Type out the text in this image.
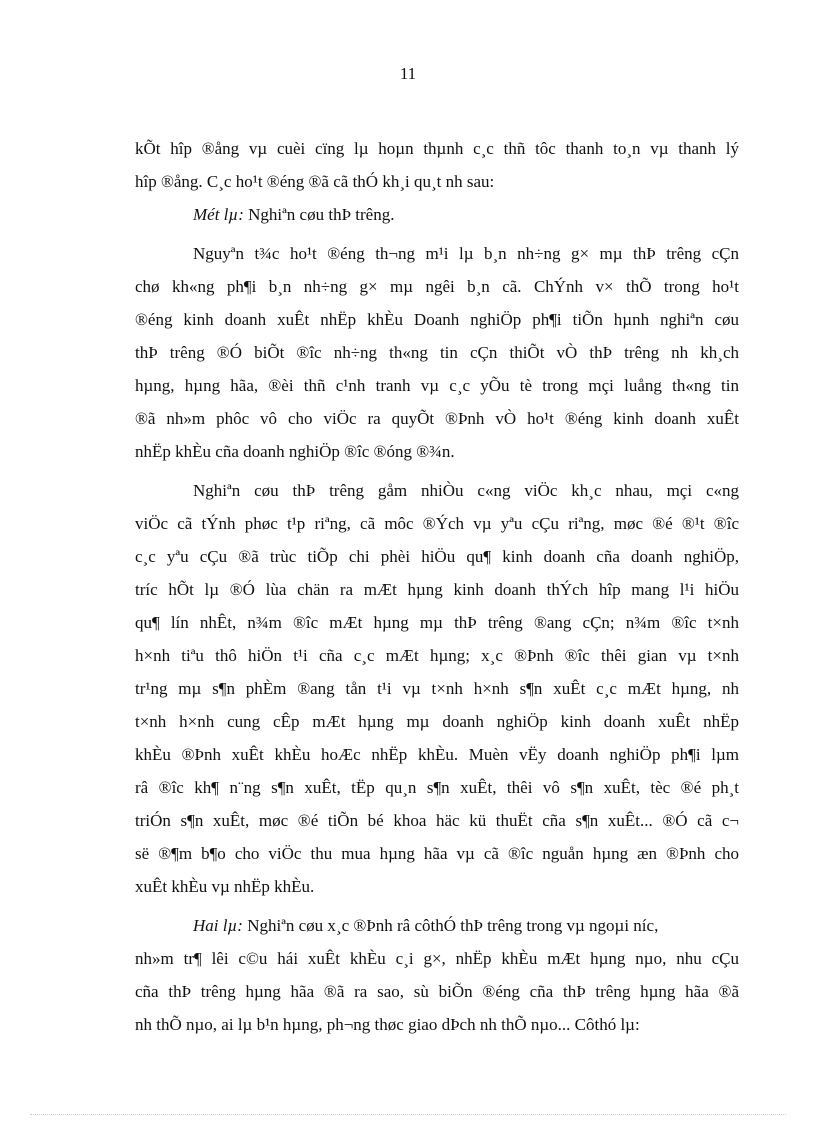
11
kÕt hîp ®ång vµ cuèi cïng lµ hoµn thµnh c¸c thñ tôc thanh to¸n vµ thanh lý
hîp ®ång. C¸c ho¹t ®éng ®ã cã thÓ kh¸i qu¸t nh sau:
Mét lµ: Nghiªn cøu thÞ trêng.
Nguyªn t¾c ho¹t ®éng th¬ng m¹i lµ b¸n nh÷ng g× mµ thÞ trêng cÇn
chø kh«ng ph¶i b¸n nh÷ng g× mµ ngêi b¸n cã. ChÝnh v× thÕ trong ho¹t
®éng kinh doanh xuÊt nhËp khÈu Doanh nghiÖp ph¶i tiÕn hµnh nghiªn cøu
thÞ trêng ®Ó biÕt ®îc nh÷ng th«ng tin cÇn thiÕt vÒ thÞ trêng nh kh¸ch
hµng, hµng hãa, ®èi thñ c¹nh tranh vµ c¸c yÕu tè trong mçi luång th«ng tin
®ã nh»m phôc vô cho viÖc ra quyÕt ®Þnh vÒ ho¹t ®éng kinh doanh xuÊt
nhËp khÈu cña doanh nghiÖp ®îc ®óng ®¾n.
Nghiªn cøu thÞ trêng gåm nhiÒu c«ng viÖc kh¸c nhau, mçi c«ng
viÖc cã tÝnh phøc t¹p riªng, cã môc ®Ých vµ yªu cÇu riªng, møc ®é ®¹t ®îc
c¸c yªu cÇu ®ã trùc tiÕp chi phèi hiÖu qu¶ kinh doanh cña doanh nghiÖp,
tríc hÕt lµ ®Ó lùa chän ra mÆt hµng kinh doanh thÝch hîp mang l¹i hiÖu
qu¶ lín nhÊt, n¾m ®îc mÆt hµng mµ thÞ trêng ®ang cÇn; n¾m ®îc t×nh
h×nh tiªu thô hiÖn t¹i cña c¸c mÆt hµng; x¸c ®Þnh ®îc thêi gian vµ t×nh
tr¹ng mµ s¶n phÈm ®ang tån t¹i vµ t×nh h×nh s¶n xuÊt c¸c mÆt hµng, nh
t×nh h×nh cung cÊp mÆt hµng mµ doanh nghiÖp kinh doanh xuÊt nhËp
khÈu ®Þnh xuÊt khÈu hoÆc nhËp khÈu. Muèn vËy doanh nghiÖp ph¶i lµm
râ ®îc kh¶ n¨ng s¶n xuÊt, tËp qu¸n s¶n xuÊt, thêi vô s¶n xuÊt, tèc ®é ph¸t
triÓn s¶n xuÊt, møc ®é tiÕn bé khoa häc kü thuËt cña s¶n xuÊt... ®Ó cã c¬
së ®¶m b¶o cho viÖc thu mua hµng hãa vµ cã ®îc nguån hµng æn ®Þnh cho
xuÊt khÈu vµ nhËp khÈu.
Hai lµ: Nghiªn cøu x¸c ®Þnh râ côthÓ thÞ trêng trong vµ ngoµi níc,
nh»m tr¶ lêi c©u hái xuÊt khÈu c¸i g×, nhËp khÈu mÆt hµng nµo, nhu cÇu
cña thÞ trêng hµng hãa ®ã ra sao, sù biÕn ®éng cña thÞ trêng hµng hãa ®ã
nh thÕ nµo, ai lµ b¹n hµng, ph¬ng thøc giao dÞch nh thÕ nµo... Côthó lµ:
